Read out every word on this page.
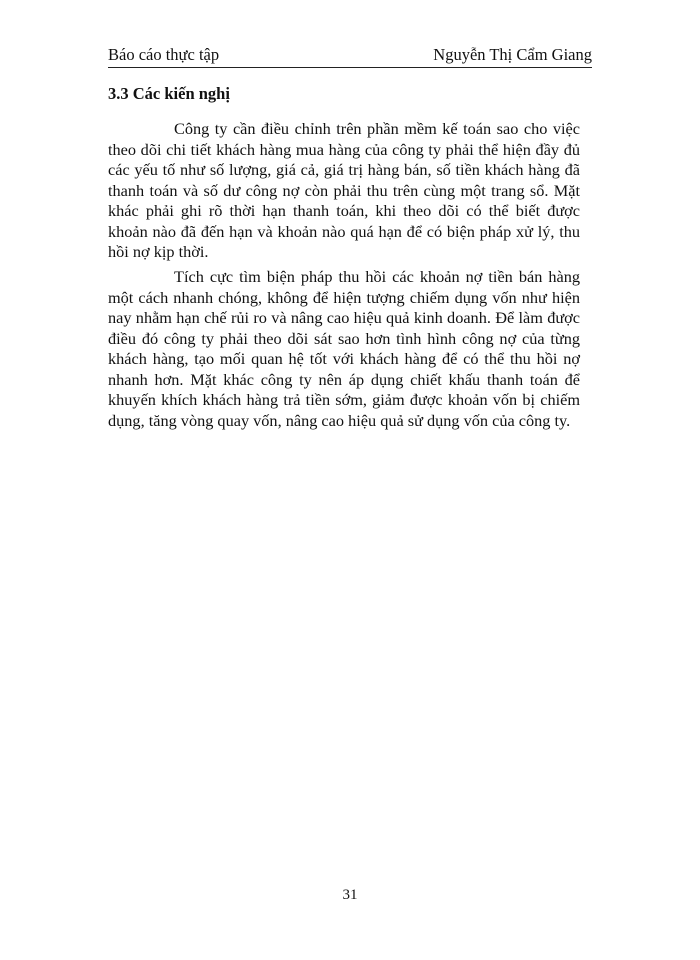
Báo cáo thực tập	Nguyễn Thị Cẩm Giang
3.3 Các kiến nghị

Công ty cần điều chỉnh trên phần mềm kế toán sao cho việc theo dõi chi tiết khách hàng mua hàng của công ty phải thể hiện đầy đủ các yếu tố như số lượng, giá cả, giá trị hàng bán, số tiền khách hàng đã thanh toán và số dư công nợ còn phải thu trên cùng một trang sổ. Mặt khác phải ghi rõ thời hạn thanh toán, khi theo dõi có thể biết được khoản nào đã đến hạn và khoản nào quá hạn để có biện pháp xử lý, thu hồi nợ kịp thời.

Tích cực tìm biện pháp thu hồi các khoản nợ tiền bán hàng một cách nhanh chóng, không để hiện tượng chiếm dụng vốn như hiện nay nhằm hạn chế rủi ro và nâng cao hiệu quả kinh doanh. Để làm được điều đó công ty phải theo dõi sát sao hơn tình hình công nợ của từng khách hàng, tạo mối quan hệ tốt với khách hàng để có thể thu hồi nợ nhanh hơn. Mặt khác công ty nên áp dụng chiết khấu thanh toán để khuyến khích khách hàng trả tiền sớm, giảm được khoản vốn bị chiếm dụng, tăng vòng quay vốn, nâng cao hiệu quả sử dụng vốn của công ty.

31
